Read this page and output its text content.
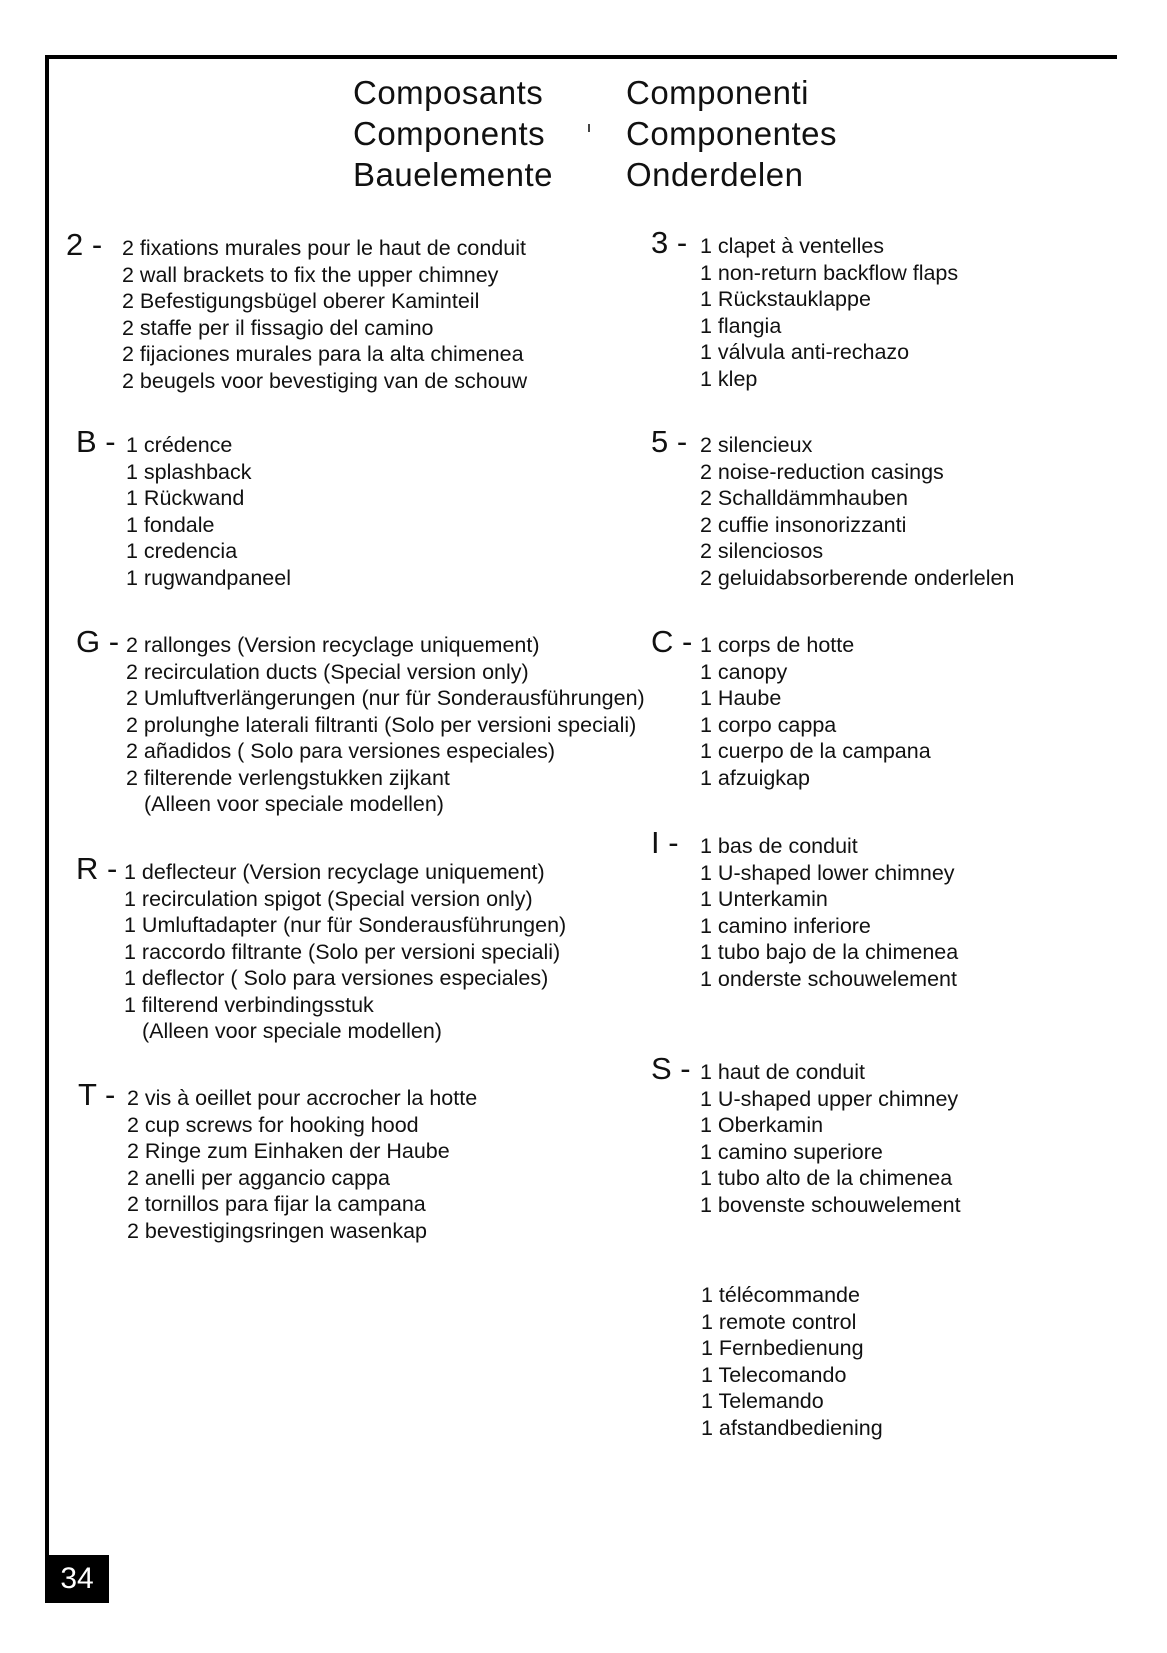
Composants
Components
Bauelemente
Componenti
Componentes
Onderdelen
2 - 2 fixations murales pour le haut de conduit
2 wall brackets to fix the upper chimney
2 Befestigungsbügel oberer Kaminteil
2 staffe per il fissagio del camino
2 fijaciones murales para la alta chimenea
2 beugels voor bevestiging van de schouw
3 - 1 clapet à ventelles
1 non-return backflow flaps
1 Rückstauklappe
1 flangia
1 válvula anti-rechazo
1 klep
B - 1 crédence
1 splashback
1 Rückwand
1 fondale
1 credencia
1 rugwandpaneel
5 - 2 silencieux
2 noise-reduction casings
2 Schalldämmhauben
2 cuffie insonorizzanti
2 silenciosos
2 geluidabsorberende onderlelen
G - 2 rallonges (Version recyclage uniquement)
2 recirculation ducts (Special version only)
2 Umluftverlängerungen (nur für Sonderausführungen)
2 prolunghe laterali filtranti (Solo per versioni speciali)
2 añadidos ( Solo para versiones especiales)
2 filterende verlengstukken zijkant
(Alleen voor speciale modellen)
C - 1 corps de hotte
1 canopy
1 Haube
1 corpo cappa
1 cuerpo de la campana
1 afzuigkap
I - 1 bas de conduit
1 U-shaped lower chimney
1 Unterkamin
1 camino inferiore
1 tubo bajo de la chimenea
1 onderste schouwelement
R - 1 deflecteur (Version recyclage uniquement)
1 recirculation spigot (Special version only)
1 Umluftadapter (nur für Sonderausführungen)
1 raccordo filtrante (Solo per versioni speciali)
1 deflector ( Solo para versiones especiales)
1 filterend verbindingsstuk
(Alleen voor speciale modellen)
S - 1 haut de conduit
1 U-shaped upper chimney
1 Oberkamin
1 camino superiore
1 tubo alto de la chimenea
1 bovenste schouwelement
T - 2 vis à oeillet pour accrocher la hotte
2 cup screws for hooking hood
2 Ringe zum Einhaken der Haube
2 anelli per aggancio cappa
2 tornillos para fijar la campana
2 bevestigingsringen wasenkap
1 télécommande
1 remote control
1 Fernbedienung
1 Telecomando
1 Telemando
1 afstandbediening
34
